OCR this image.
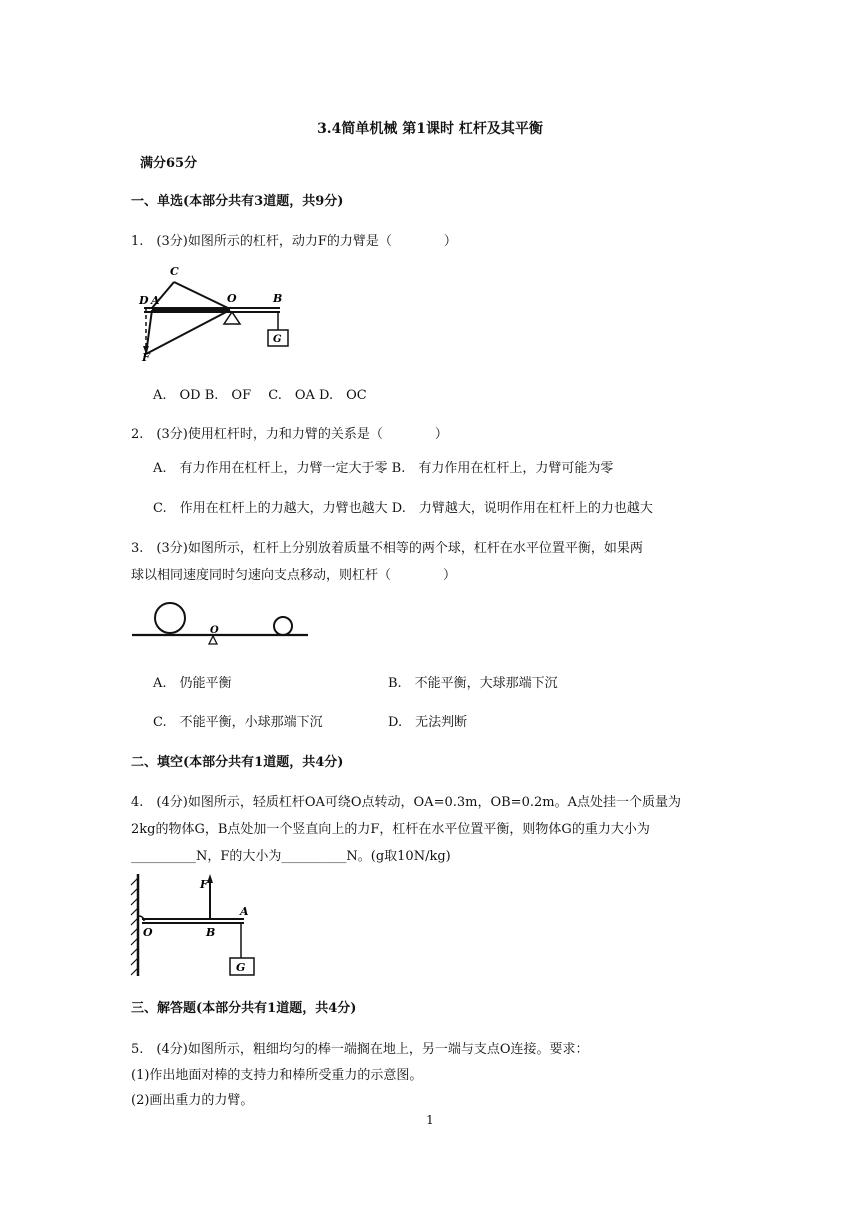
3.4简单机械 第1课时 杠杆及其平衡
满分65分
一、单选(本部分共有3道题，共9分)
1.　(3分)如图所示的杠杆，动力F的力臂是（　　　　）
C
D A	O	B
G
F
A.　OD B.　OF　 C.　OA D.　OC
2.　(3分)使用杠杆时，力和力臂的关系是（　　　　）
A.　有力作用在杠杆上，力臂一定大于零 B.　有力作用在杠杆上，力臂可能为零
C.　作用在杠杆上的力越大，力臂也越大 D.　力臂越大，说明作用在杠杆上的力也越大
3.　(3分)如图所示，杠杆上分别放着质量不相等的两个球，杠杆在水平位置平衡，如果两
球以相同速度同时匀速向支点移动，则杠杆（　　　　）
O
A.　仍能平衡	B.　不能平衡，大球那端下沉
C.　不能平衡，小球那端下沉	D.　无法判断
二、填空(本部分共有1道题，共4分)
4.　(4分)如图所示，轻质杠杆OA可绕O点转动，OA=0.3m，OB=0.2m。A点处挂一个质量为
2kg的物体G，B点处加一个竖直向上的力F，杠杆在水平位置平衡，则物体G的重力大小为
__________N，F的大小为__________N。(g取10N/kg)
F
O	B
A
G
三、解答题(本部分共有1道题，共4分)
5.　(4分)如图所示，粗细均匀的棒一端搁在地上，另一端与支点O连接。要求：
(1)作出地面对棒的支持力和棒所受重力的示意图。
(2)画出重力的力臂。
1
